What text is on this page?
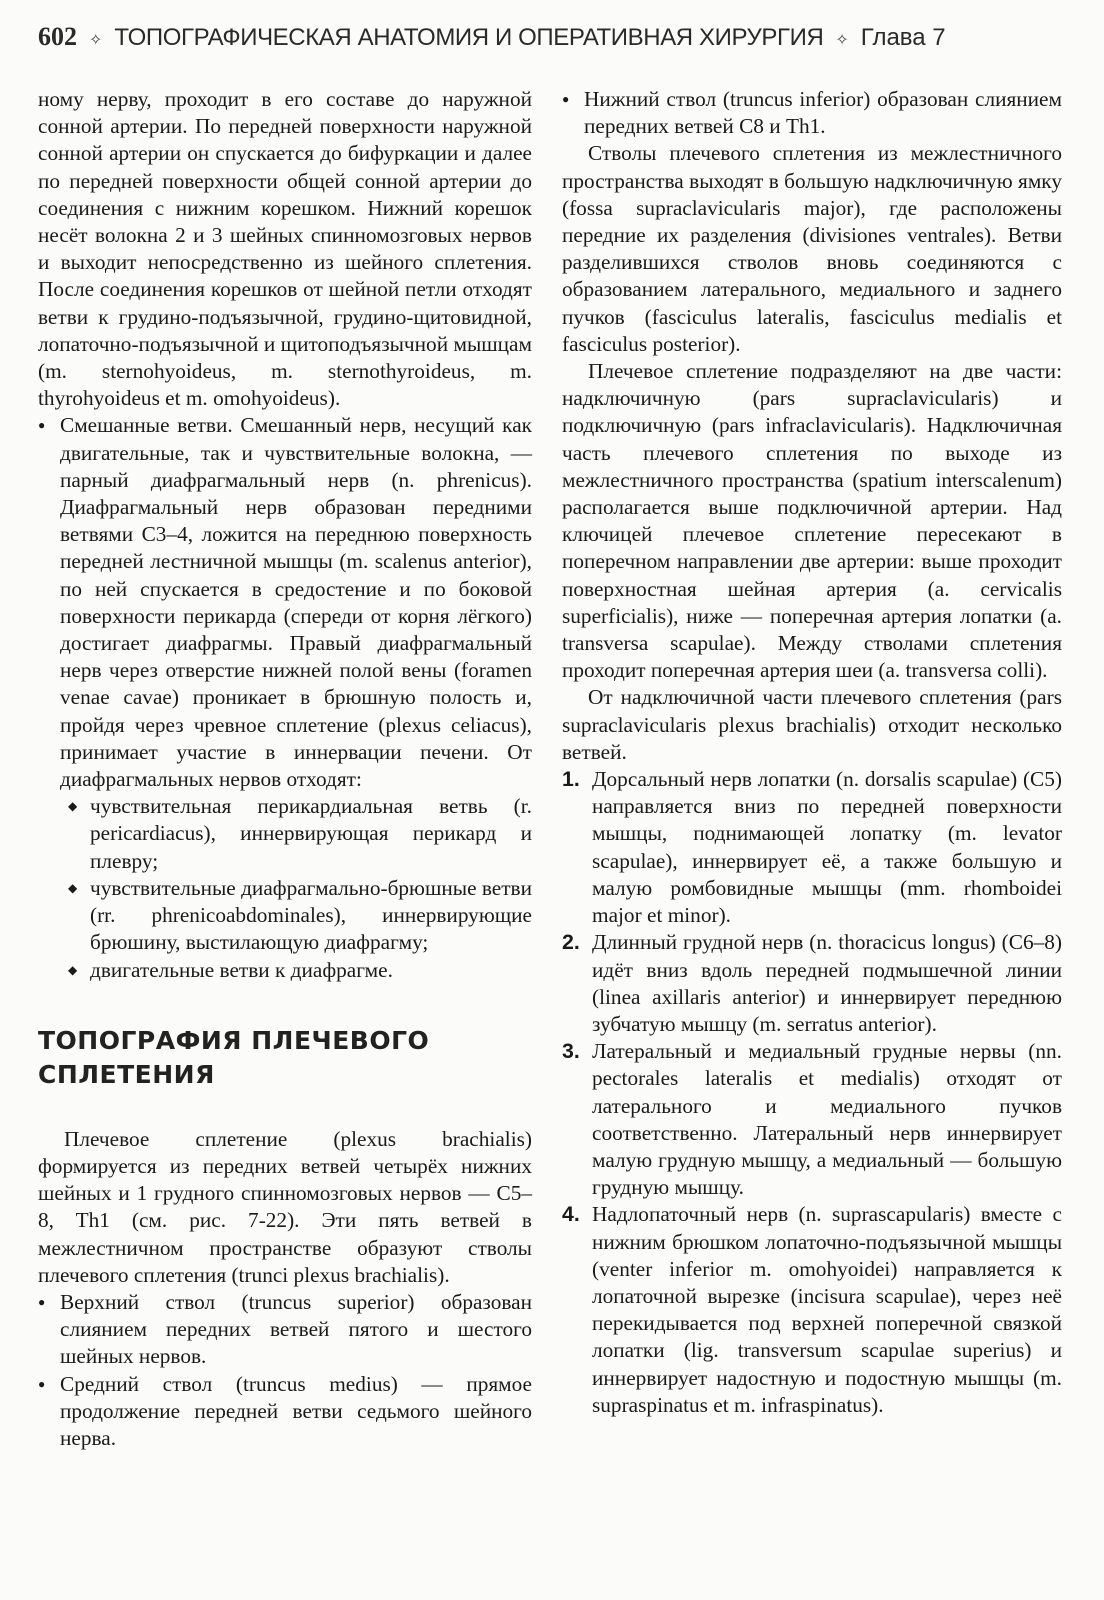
602 ✧ ТОПОГРАФИЧЕСКАЯ АНАТОМИЯ И ОПЕРАТИВНАЯ ХИРУРГИЯ ✧ Глава 7

ному нерву, проходит в его составе до наружной сонной артерии. По передней поверхности наружной сонной артерии он спускается до бифуркации и далее по передней поверхности общей сонной артерии до соединения с нижним корешком. Нижний корешок несёт волокна 2 и 3 шейных спинномозговых нервов и выходит непосредственно из шейного сплетения. После соединения корешков от шейной петли отходят ветви к грудино-подъязычной, грудино-щитовидной, лопаточно-подъязычной и щитоподъязычной мышцам (m. sternohyoideus, m. sternothyroideus, m. thyrohyoideus et m. omohyoideus).

● Смешанные ветви. Смешанный нерв, несущий как двигательные, так и чувствительные волокна, — парный диафрагмальный нерв (n. phrenicus). Диафрагмальный нерв образован передними ветвями C3–4, ложится на переднюю поверхность передней лестничной мышцы (m. scalenus anterior), по ней спускается в средостение и по боковой поверхности перикарда (спереди от корня лёгкого) достигает диафрагмы. Правый диафрагмальный нерв через отверстие нижней полой вены (foramen venae cavae) проникает в брюшную полость и, пройдя через чревное сплетение (plexus celiacus), принимает участие в иннервации печени. От диафрагмальных нервов отходят:

◆ чувствительная перикардиальная ветвь (r. pericardiacus), иннервирующая перикард и плевру;

◆ чувствительные диафрагмально-брюшные ветви (rr. phrenicoabdominales), иннервирующие брюшину, выстилающую диафрагму;

◆ двигательные ветви к диафрагме.

ТОПОГРАФИЯ ПЛЕЧЕВОГО СПЛЕТЕНИЯ

Плечевое сплетение (plexus brachialis) формируется из передних ветвей четырёх нижних шейных и 1 грудного спинномозговых нервов — C5–8, Th1 (см. рис. 7-22). Эти пять ветвей в межлестничном пространстве образуют стволы плечевого сплетения (trunci plexus brachialis).

● Верхний ствол (truncus superior) образован слиянием передних ветвей пятого и шестого шейных нервов.

● Средний ствол (truncus medius) — прямое продолжение передней ветви седьмого шейного нерва.

● Нижний ствол (truncus inferior) образован слиянием передних ветвей C8 и Th1.

Стволы плечевого сплетения из межлестничного пространства выходят в большую надключичную ямку (fossa supraclavicularis major), где расположены передние их разделения (divisiones ventrales). Ветви разделившихся стволов вновь соединяются с образованием латерального, медиального и заднего пучков (fasciculus lateralis, fasciculus medialis et fasciculus posterior).

Плечевое сплетение подразделяют на две части: надключичную (pars supraclavicularis) и подключичную (pars infraclavicularis). Надключичная часть плечевого сплетения по выходе из межлестничного пространства (spatium interscalenum) располагается выше подключичной артерии. Над ключицей плечевое сплетение пересекают в поперечном направлении две артерии: выше проходит поверхностная шейная артерия (a. cervicalis superficialis), ниже — поперечная артерия лопатки (a. transversa scapulae). Между стволами сплетения проходит поперечная артерия шеи (a. transversa colli).

От надключичной части плечевого сплетения (pars supraclavicularis plexus brachialis) отходит несколько ветвей.

1. Дорсальный нерв лопатки (n. dorsalis scapulae) (C5) направляется вниз по передней поверхности мышцы, поднимающей лопатку (m. levator scapulae), иннервирует её, а также большую и малую ромбовидные мышцы (mm. rhomboidei major et minor).

2. Длинный грудной нерв (n. thoracicus longus) (C6–8) идёт вниз вдоль передней подмышечной линии (linea axillaris anterior) и иннервирует переднюю зубчатую мышцу (m. serratus anterior).

3. Латеральный и медиальный грудные нервы (nn. pectorales lateralis et medialis) отходят от латерального и медиального пучков соответственно. Латеральный нерв иннервирует малую грудную мышцу, а медиальный — большую грудную мышцу.

4. Надлопаточный нерв (n. suprascapularis) вместе с нижним брюшком лопаточно-подъязычной мышцы (venter inferior m. omohyoidei) направляется к лопаточной вырезке (incisura scapulae), через неё перекидывается под верхней поперечной связкой лопатки (lig. transversum scapulae superius) и иннервирует надостную и подостную мышцы (m. supraspinatus et m. infraspinatus).
